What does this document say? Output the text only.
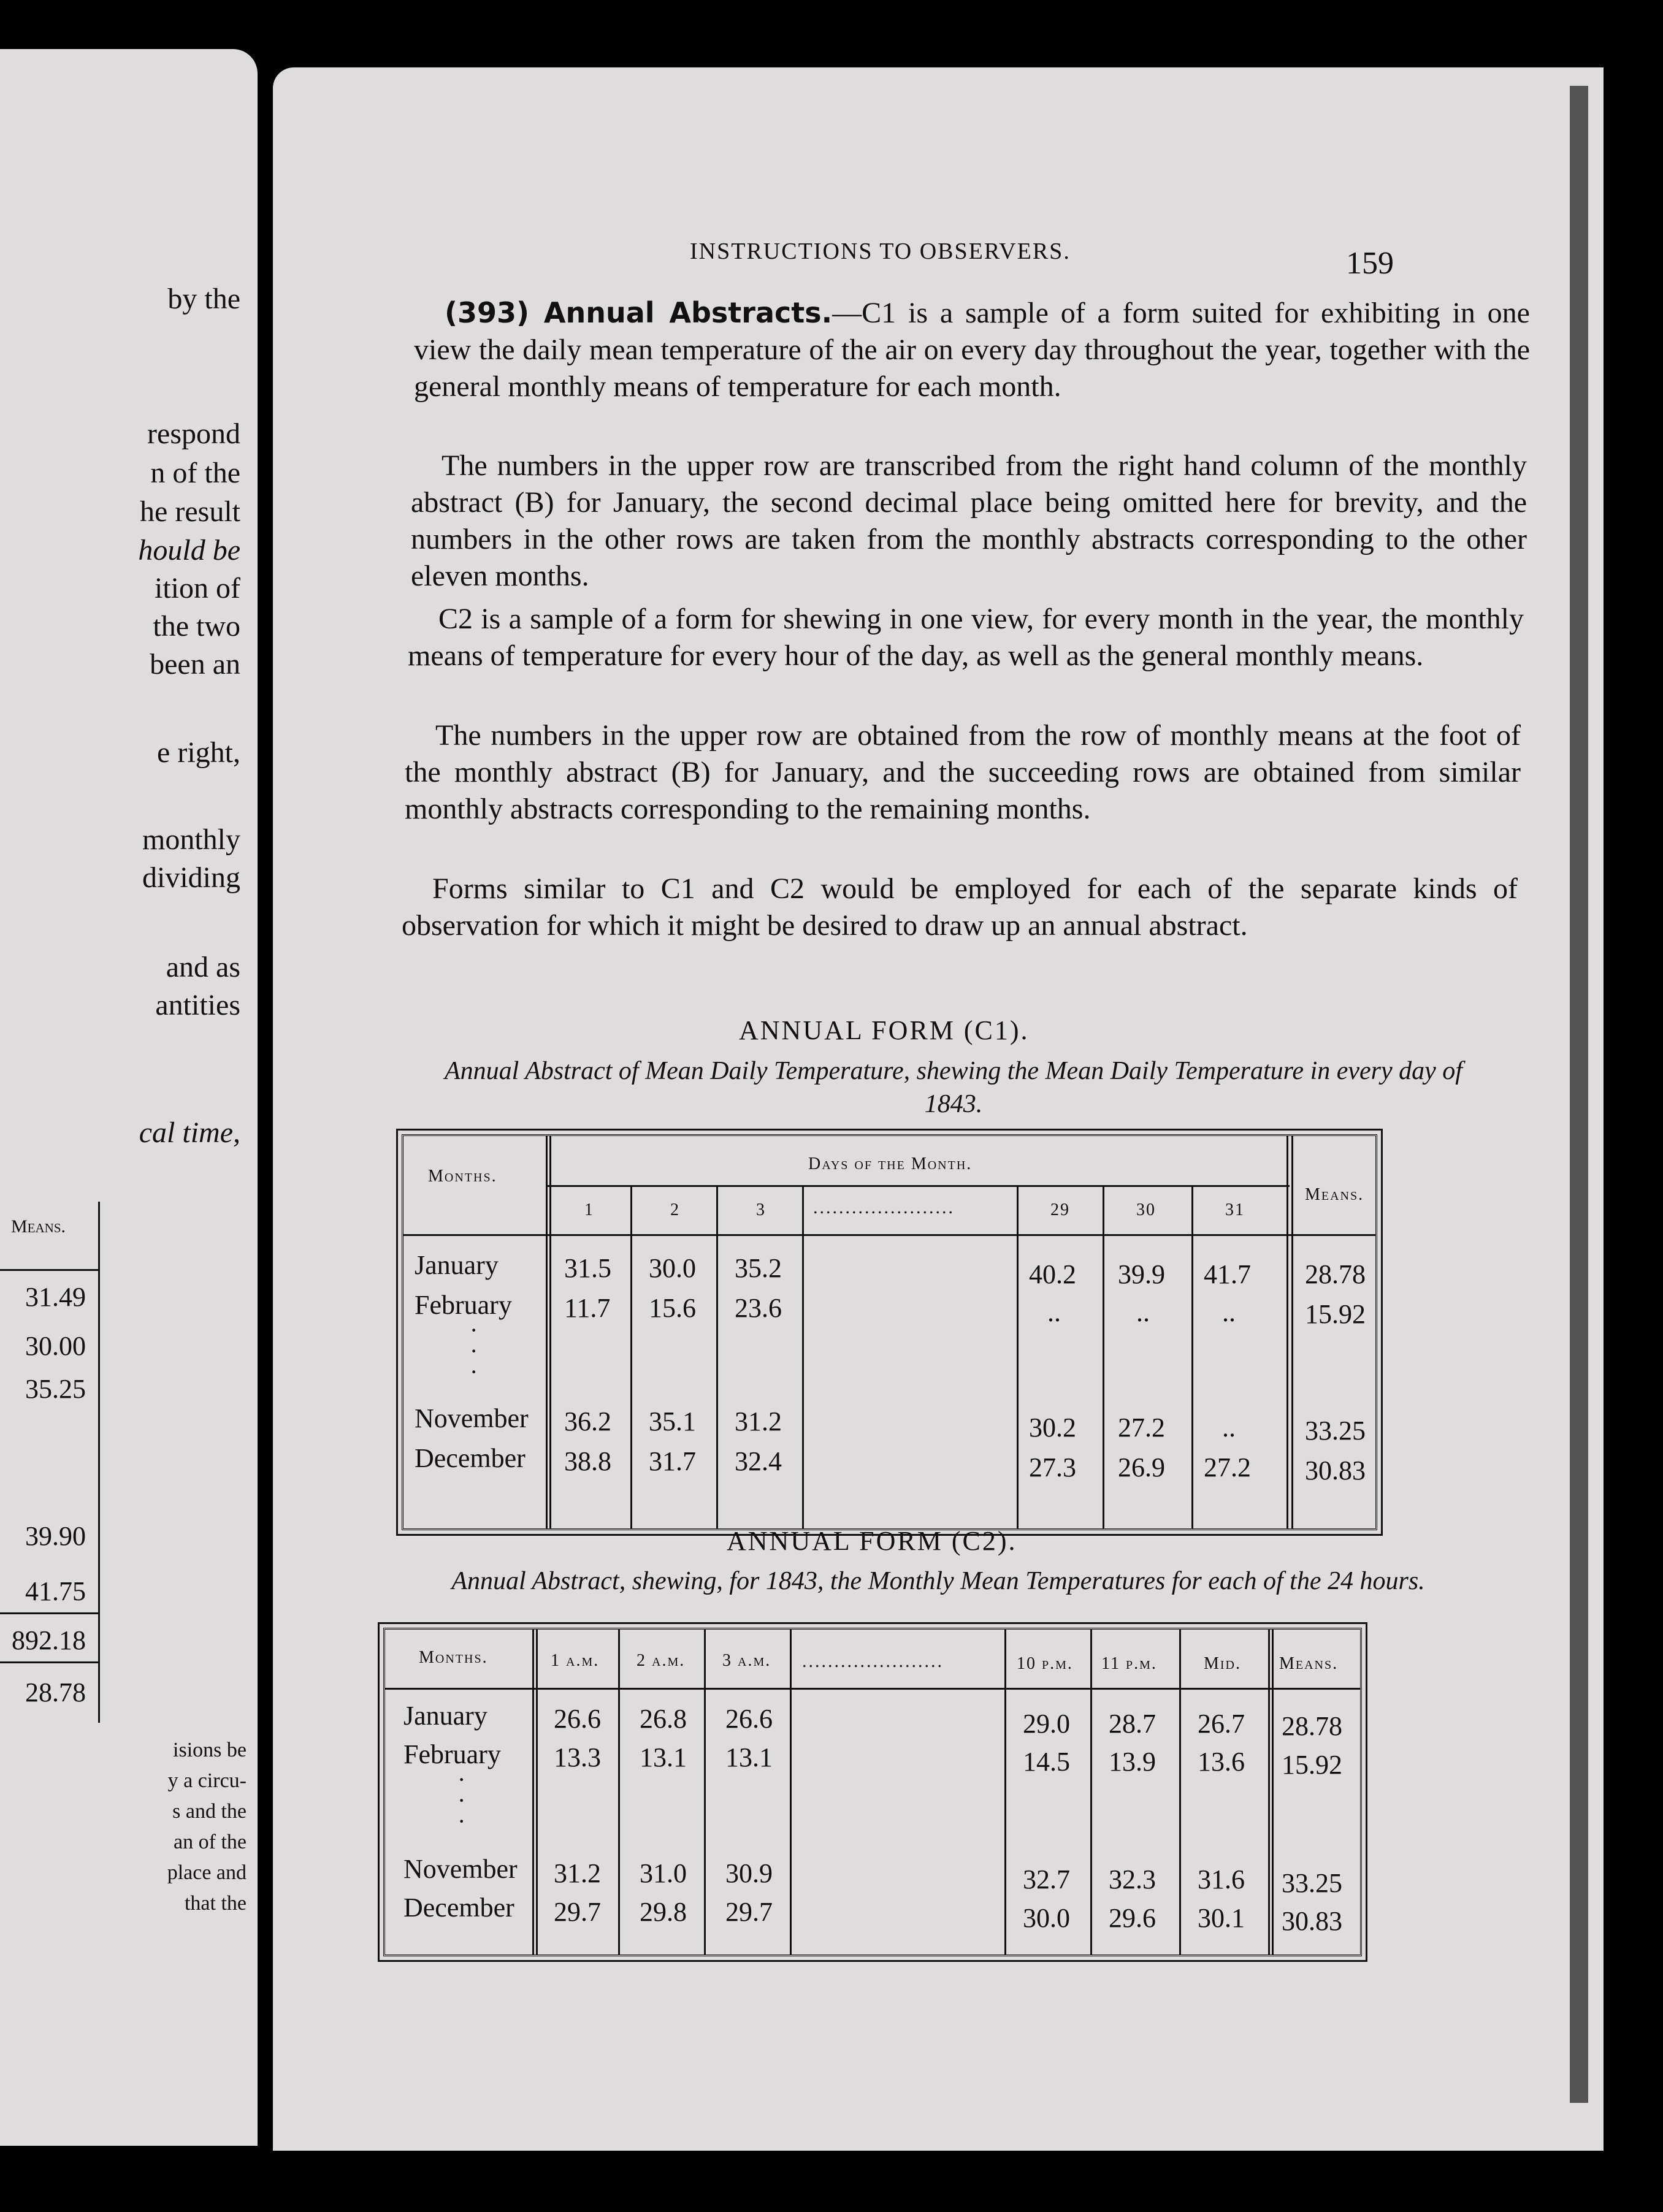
by the
respond
n of the
he result
hould be
ition of
the two
been an
e right,
monthly
dividing
and as
antities
cal time,
Means.
31.49
30.00
35.25
39.90
41.75
892.18
28.78
isions be
y a circu-
s and the
an of the
place and
that the
INSTRUCTIONS TO OBSERVERS.	159
(393) Annual Abstracts.—C1 is a sample of a form suited for exhibiting in one view the daily mean temperature of the air on every day throughout the year, together with the general monthly means of temperature for each month.
The numbers in the upper row are transcribed from the right hand column of the monthly abstract (B) for January, the second decimal place being omitted here for brevity, and the numbers in the other rows are taken from the monthly abstracts corresponding to the other eleven months.
C2 is a sample of a form for shewing in one view, for every month in the year, the monthly means of temperature for every hour of the day, as well as the general monthly means.
The numbers in the upper row are obtained from the row of monthly means at the foot of the monthly abstract (B) for January, and the succeeding rows are obtained from similar monthly abstracts corresponding to the remaining months.
Forms similar to C1 and C2 would be employed for each of the separate kinds of observation for which it might be desired to draw up an annual abstract.
ANNUAL FORM (C1).
Annual Abstract of Mean Daily Temperature, shewing the Mean Daily Temperature in every day of 1843.
Months.
Days of the Month.
Means.
1	2	3	......................	29	30	31
January 31.5 30.0 35.2	40.2 39.9 41.7 28.78
February 11.7 15.6 23.6	..	..	..	15.92
·
·
·
November 36.2 35.1 31.2	30.2 27.2 ..	33.25
December 38.8 31.7 32.4	27.3 26.9 27.2 30.83
ANNUAL FORM (C2).
Annual Abstract, shewing, for 1843, the Monthly Mean Temperatures for each of the 24 hours.
Months.	1 a.m. 2 a.m. 3 a.m. ......................	10 p.m. 11 p.m.	Mid. Means.
January 26.6 26.8 26.6	29.0 28.7 26.7 28.78
February 13.3 13.1 13.1	14.5 13.9 13.6 15.92
·
·
·
November 31.2 31.0 30.9	32.7 32.3 31.6 33.25
December 29.7 29.8 29.7	30.0 29.6 30.1 30.83
